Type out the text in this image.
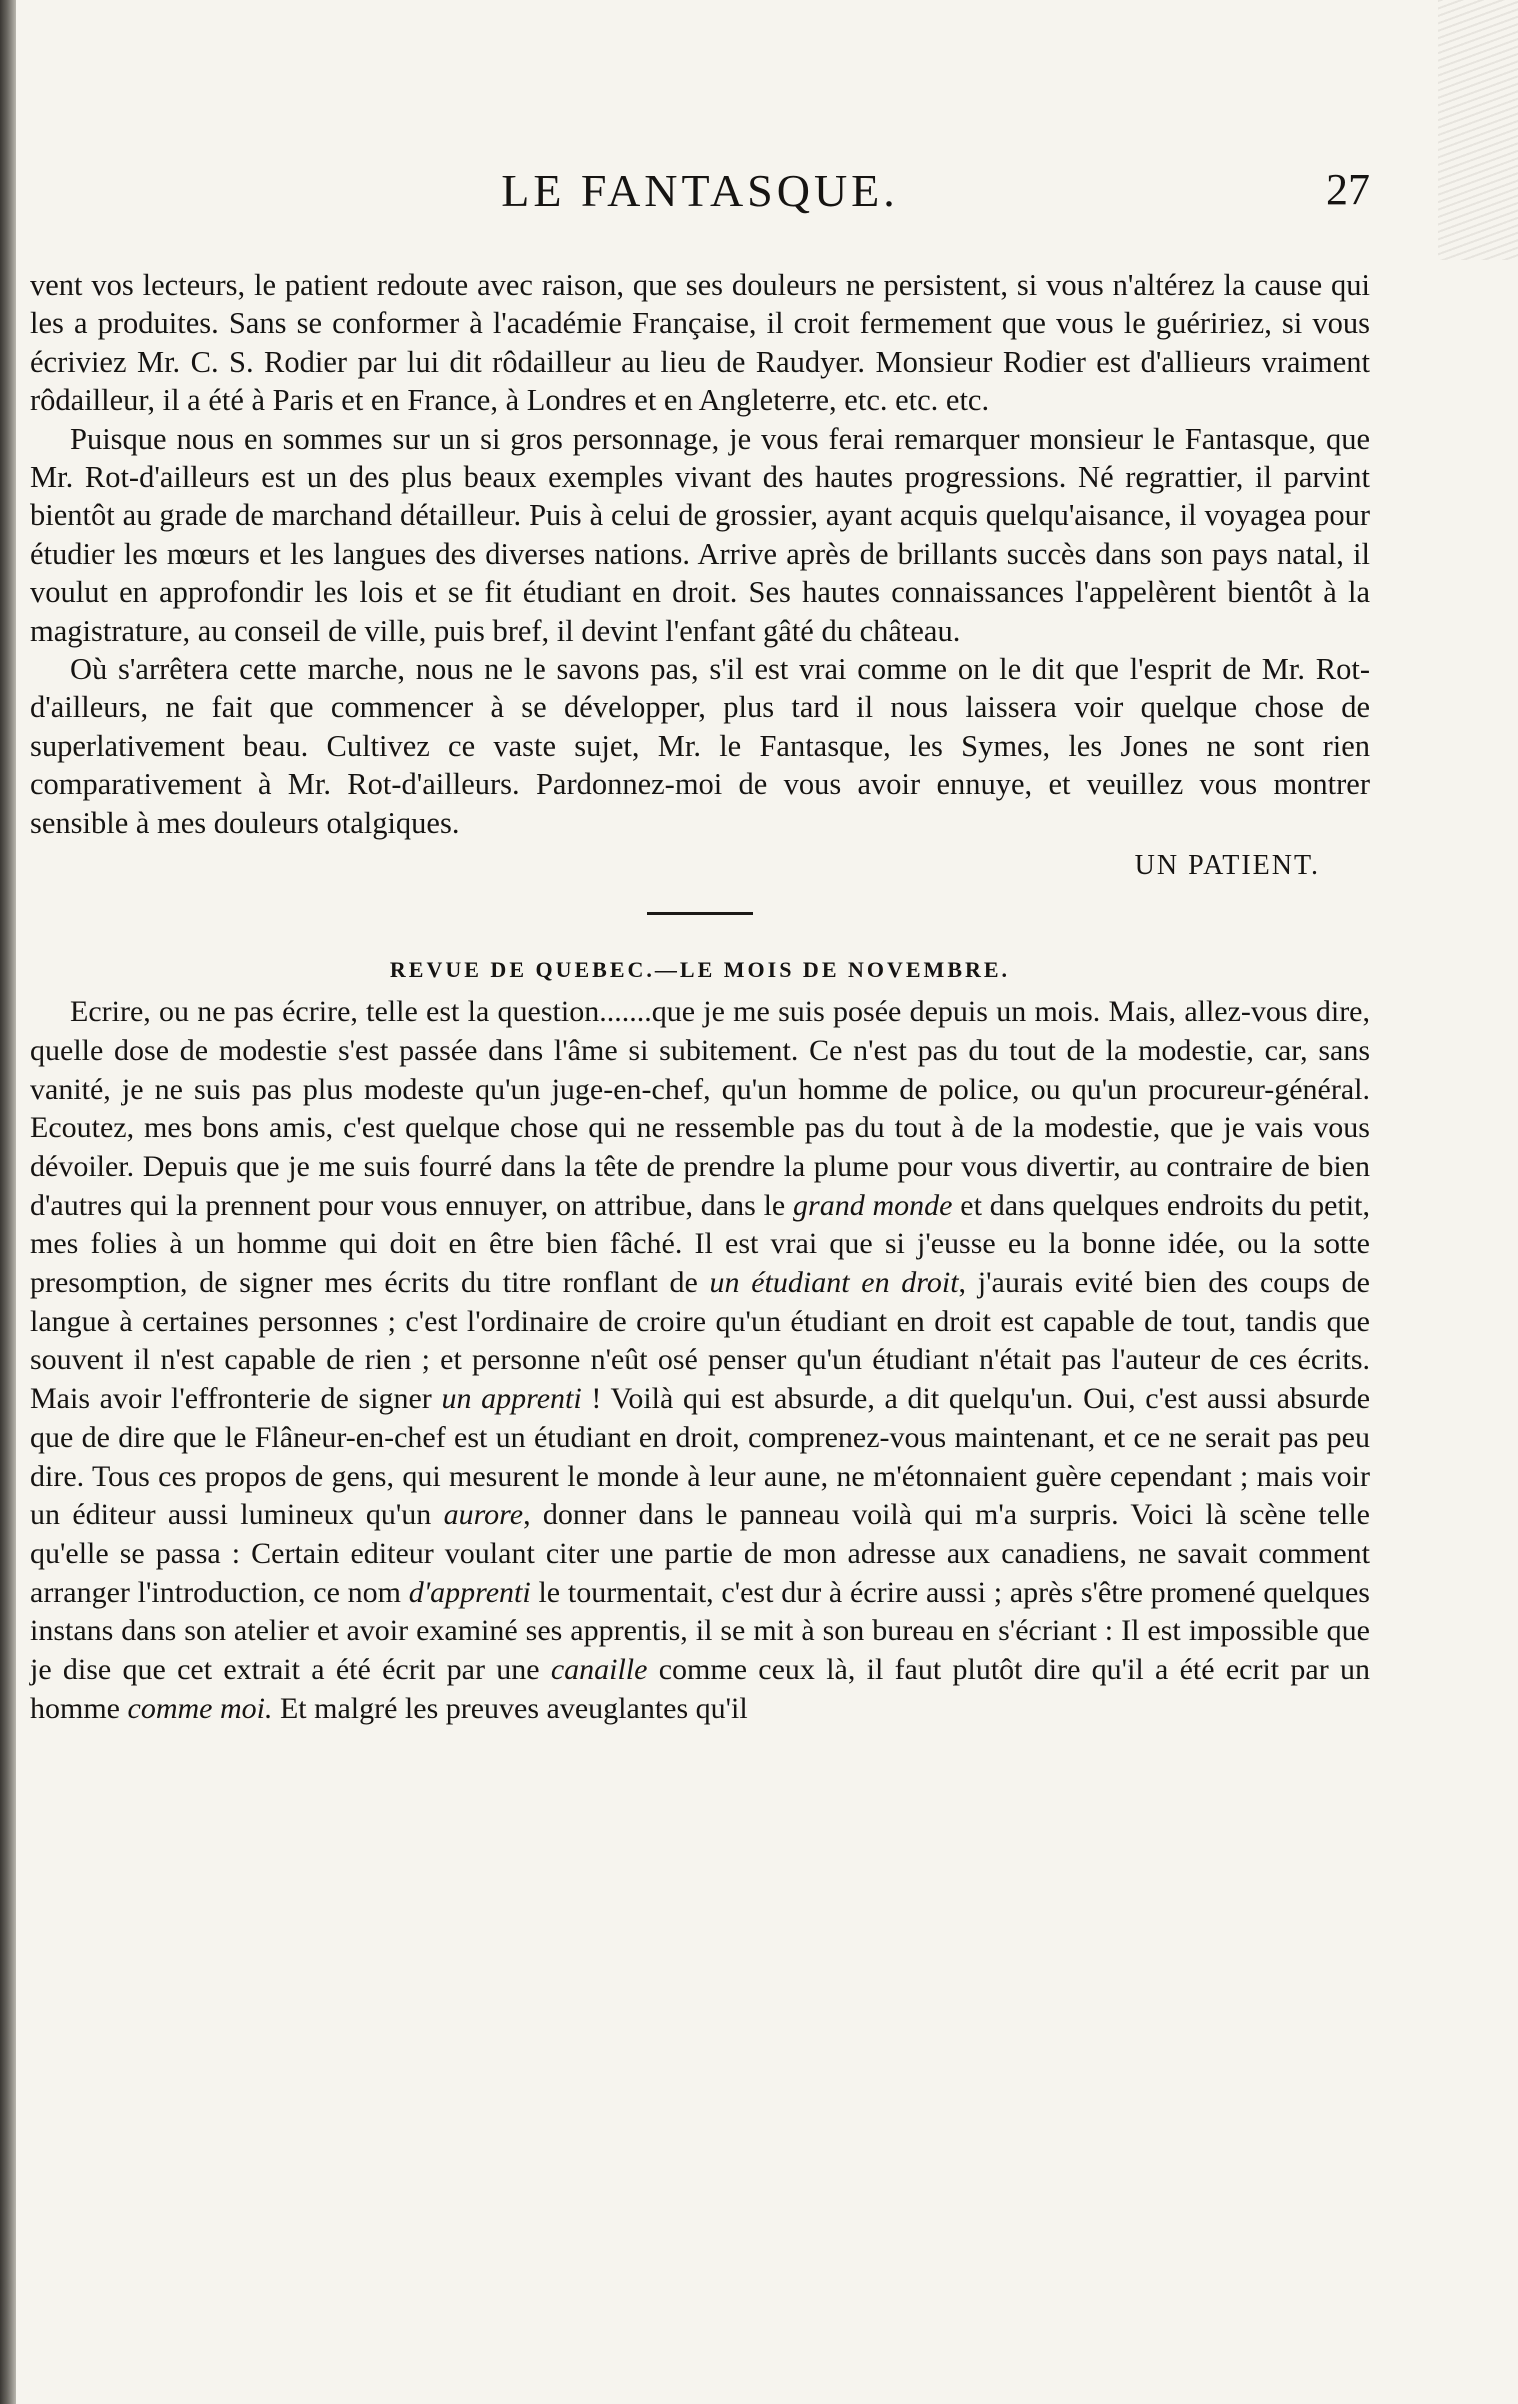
LE FANTASQUE.	27

vent vos lecteurs, le patient redoute avec raison, que ses douleurs ne persistent, si vous n'altérez la cause qui les a produites. Sans se conformer à l'académie Française, il croit fermement que vous le guéririez, si vous écriviez Mr. C. S. Rodier par lui dit rôdailleur au lieu de Raudyer. Monsieur Rodier est d'allieurs vraiment rôdailleur, il a été à Paris et en France, à Londres et en Angleterre, etc. etc. etc.

Puisque nous en sommes sur un si gros personnage, je vous ferai remarquer monsieur le Fantasque, que Mr. Rot-d'ailleurs est un des plus beaux exemples vivant des hautes progressions. Né regrattier, il parvint bientôt au grade de marchand détailleur. Puis à celui de grossier, ayant acquis quelqu'aisance, il voyagea pour étudier les mœurs et les langues des diverses nations. Arrive après de brillants succès dans son pays natal, il voulut en approfondir les lois et se fit étudiant en droit. Ses hautes connaissances l'appelèrent bientôt à la magistrature, au conseil de ville, puis bref, il devint l'enfant gâté du château.

Où s'arrêtera cette marche, nous ne le savons pas, s'il est vrai comme on le dit que l'esprit de Mr. Rot-d'ailleurs, ne fait que commencer à se développer, plus tard il nous laissera voir quelque chose de superlativement beau. Cultivez ce vaste sujet, Mr. le Fantasque, les Symes, les Jones ne sont rien comparativement à Mr. Rot-d'ailleurs. Pardonnez-moi de vous avoir ennuye, et veuillez vous montrer sensible à mes douleurs otalgiques.

UN PATIENT.

REVUE DE QUEBEC.—LE MOIS DE NOVEMBRE.

Ecrire, ou ne pas écrire, telle est la question.......que je me suis posée depuis un mois. Mais, allez-vous dire, quelle dose de modestie s'est passée dans l'âme si subitement. Ce n'est pas du tout de la modestie, car, sans vanité, je ne suis pas plus modeste qu'un juge-en-chef, qu'un homme de police, ou qu'un procureur-général. Ecoutez, mes bons amis, c'est quelque chose qui ne ressemble pas du tout à de la modestie, que je vais vous dévoiler. Depuis que je me suis fourré dans la tête de prendre la plume pour vous divertir, au contraire de bien d'autres qui la prennent pour vous ennuyer, on attribue, dans le grand monde et dans quelques endroits du petit, mes folies à un homme qui doit en être bien fâché. Il est vrai que si j'eusse eu la bonne idée, ou la sotte presomption, de signer mes écrits du titre ronflant de un étudiant en droit, j'aurais evité bien des coups de langue à certaines personnes ; c'est l'ordinaire de croire qu'un étudiant en droit est capable de tout, tandis que souvent il n'est capable de rien ; et personne n'eût osé penser qu'un étudiant n'était pas l'auteur de ces écrits. Mais avoir l'effronterie de signer un apprenti ! Voilà qui est absurde, a dit quelqu'un. Oui, c'est aussi absurde que de dire que le Flâneur-en-chef est un étudiant en droit, comprenez-vous maintenant, et ce ne serait pas peu dire. Tous ces propos de gens, qui mesurent le monde à leur aune, ne m'étonnaient guère cependant ; mais voir un éditeur aussi lumineux qu'un aurore, donner dans le panneau voilà qui m'a surpris. Voici là scène telle qu'elle se passa : Certain editeur voulant citer une partie de mon adresse aux canadiens, ne savait comment arranger l'introduction, ce nom d'apprenti le tourmentait, c'est dur à écrire aussi ; après s'être promené quelques instans dans son atelier et avoir examiné ses apprentis, il se mit à son bureau en s'écriant : Il est impossible que je dise que cet extrait a été écrit par une canaille comme ceux là, il faut plutôt dire qu'il a été ecrit par un homme comme moi. Et malgré les preuves aveuglantes qu'il
